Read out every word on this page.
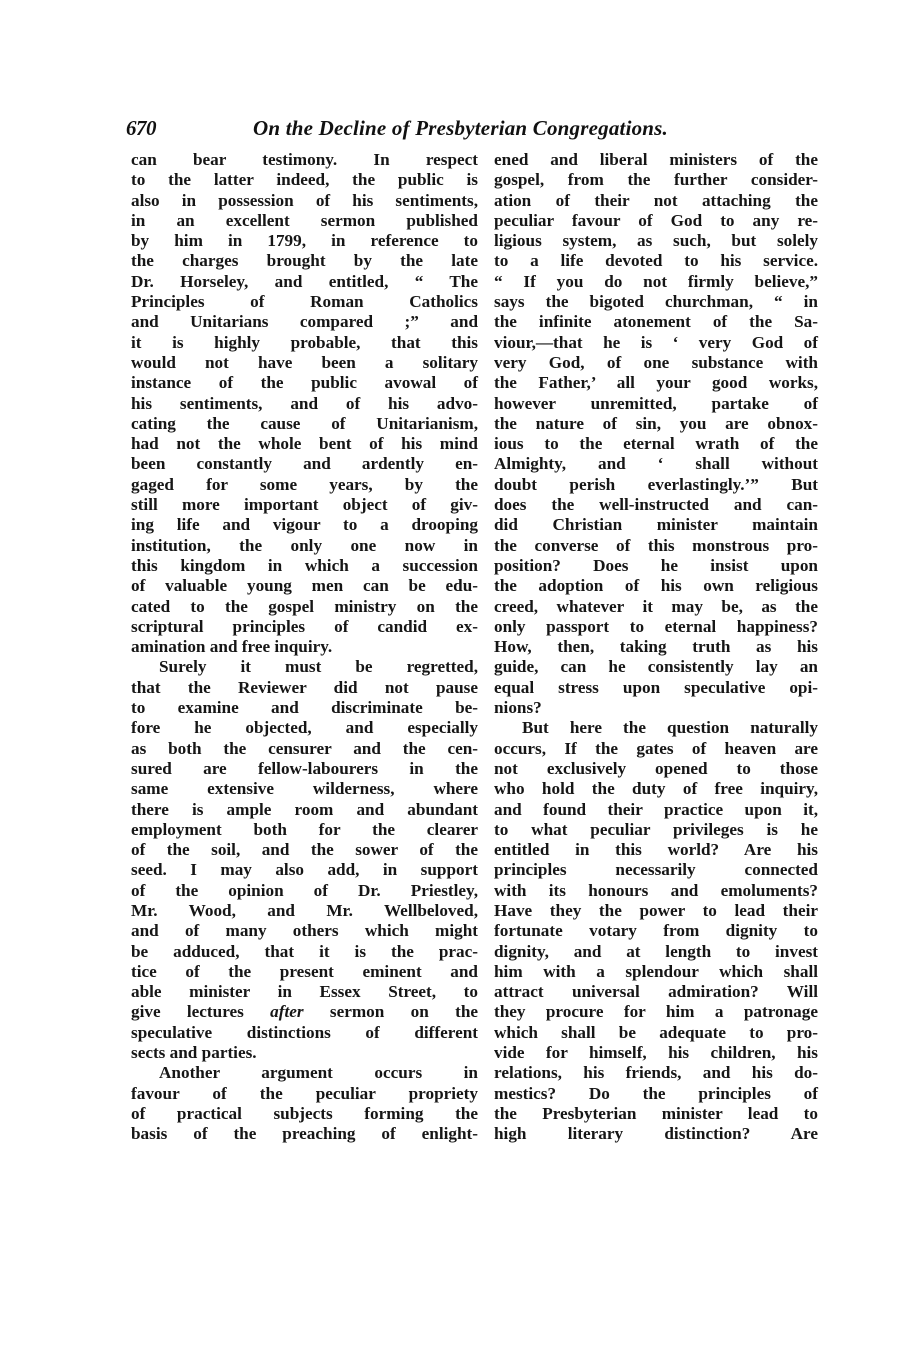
670	On the Decline of Presbyterian Congregations.
can bear testimony. In respect
to the latter indeed, the public is
also in possession of his sentiments,
in an excellent sermon published
by him in 1799, in reference to
the charges brought by the late
Dr. Horseley, and entitled, “ The
Principles of Roman Catholics
and Unitarians compared ;” and
it is highly probable, that this
would not have been a solitary
instance of the public avowal of
his sentiments, and of his advo-
cating the cause of Unitarianism,
had not the whole bent of his mind
been constantly and ardently en-
gaged for some years, by the
still more important object of giv-
ing life and vigour to a drooping
institution, the only one now in
this kingdom in which a succession
of valuable young men can be edu-
cated to the gospel ministry on the
scriptural principles of candid ex-
amination and free inquiry.
Surely it must be regretted,
that the Reviewer did not pause
to examine and discriminate be-
fore he objected, and especially
as both the censurer and the cen-
sured are fellow-labourers in the
same extensive wilderness, where
there is ample room and abundant
employment both for the clearer
of the soil, and the sower of the
seed. I may also add, in support
of the opinion of Dr. Priestley,
Mr. Wood, and Mr. Wellbeloved,
and of many others which might
be adduced, that it is the prac-
tice of the present eminent and
able minister in Essex Street, to
give lectures after sermon on the
speculative distinctions of different
sects and parties.
Another argument occurs in
favour of the peculiar propriety
of practical subjects forming the
basis of the preaching of enlight-
ened and liberal ministers of the
gospel, from the further consider-
ation of their not attaching the
peculiar favour of God to any re-
ligious system, as such, but solely
to a life devoted to his service.
“ If you do not firmly believe,”
says the bigoted churchman, “ in
the infinite atonement of the Sa-
viour,—that he is ‘ very God of
very God, of one substance with
the Father,’ all your good works,
however unremitted, partake of
the nature of sin, you are obnox-
ious to the eternal wrath of the
Almighty, and ‘ shall without
doubt perish everlastingly.’” But
does the well-instructed and can-
did Christian minister maintain
the converse of this monstrous pro-
position? Does he insist upon
the adoption of his own religious
creed, whatever it may be, as the
only passport to eternal happiness?
How, then, taking truth as his
guide, can he consistently lay an
equal stress upon speculative opi-
nions?
But here the question naturally
occurs, If the gates of heaven are
not exclusively opened to those
who hold the duty of free inquiry,
and found their practice upon it,
to what peculiar privileges is he
entitled in this world? Are his
principles necessarily connected
with its honours and emoluments?
Have they the power to lead their
fortunate votary from dignity to
dignity, and at length to invest
him with a splendour which shall
attract universal admiration? Will
they procure for him a patronage
which shall be adequate to pro-
vide for himself, his children, his
relations, his friends, and his do-
mestics? Do the principles of
the Presbyterian minister lead to
high literary distinction? Are
